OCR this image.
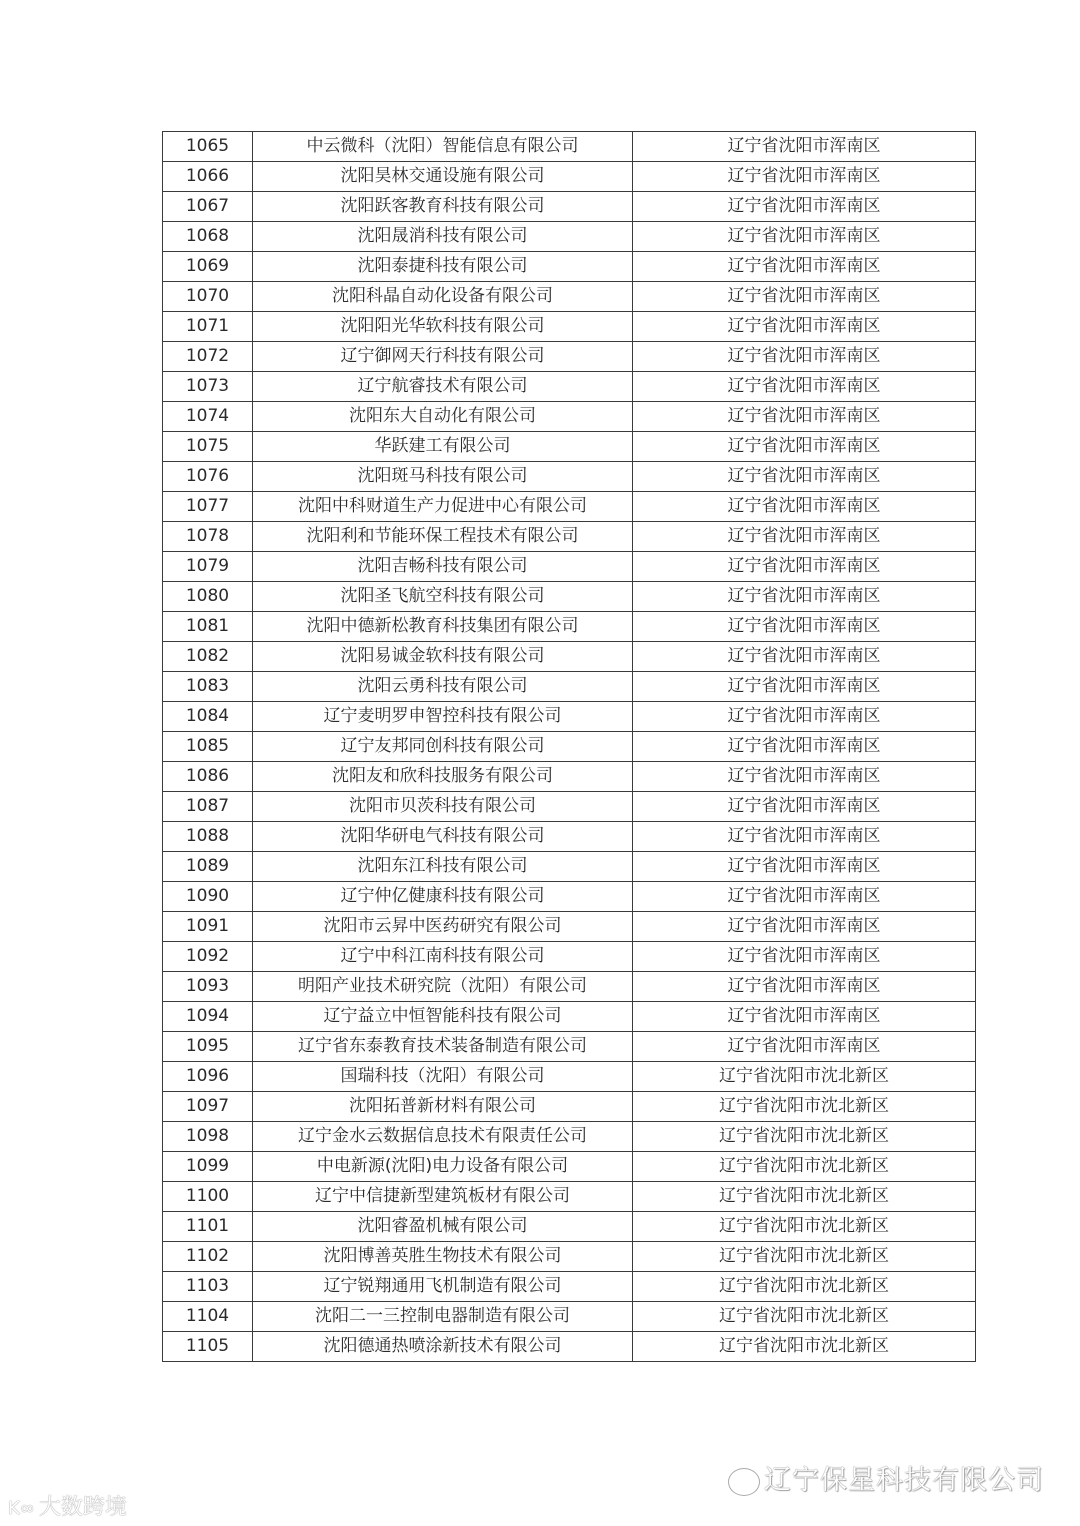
1065	中云微科（沈阳）智能信息有限公司	辽宁省沈阳市浑南区
1066	沈阳昊林交通设施有限公司	辽宁省沈阳市浑南区
1067	沈阳跃客教育科技有限公司	辽宁省沈阳市浑南区
1068	沈阳晟消科技有限公司	辽宁省沈阳市浑南区
1069	沈阳泰捷科技有限公司	辽宁省沈阳市浑南区
1070	沈阳科晶自动化设备有限公司	辽宁省沈阳市浑南区
1071	沈阳阳光华软科技有限公司	辽宁省沈阳市浑南区
1072	辽宁御网天行科技有限公司	辽宁省沈阳市浑南区
1073	辽宁航睿技术有限公司	辽宁省沈阳市浑南区
1074	沈阳东大自动化有限公司	辽宁省沈阳市浑南区
1075	华跃建工有限公司	辽宁省沈阳市浑南区
1076	沈阳斑马科技有限公司	辽宁省沈阳市浑南区
1077	沈阳中科财道生产力促进中心有限公司	辽宁省沈阳市浑南区
1078	沈阳利和节能环保工程技术有限公司	辽宁省沈阳市浑南区
1079	沈阳吉畅科技有限公司	辽宁省沈阳市浑南区
1080	沈阳圣飞航空科技有限公司	辽宁省沈阳市浑南区
1081	沈阳中德新松教育科技集团有限公司	辽宁省沈阳市浑南区
1082	沈阳易诚金软科技有限公司	辽宁省沈阳市浑南区
1083	沈阳云勇科技有限公司	辽宁省沈阳市浑南区
1084	辽宁麦明罗申智控科技有限公司	辽宁省沈阳市浑南区
1085	辽宁友邦同创科技有限公司	辽宁省沈阳市浑南区
1086	沈阳友和欣科技服务有限公司	辽宁省沈阳市浑南区
1087	沈阳市贝茨科技有限公司	辽宁省沈阳市浑南区
1088	沈阳华研电气科技有限公司	辽宁省沈阳市浑南区
1089	沈阳东江科技有限公司	辽宁省沈阳市浑南区
1090	辽宁仲亿健康科技有限公司	辽宁省沈阳市浑南区
1091	沈阳市云昇中医药研究有限公司	辽宁省沈阳市浑南区
1092	辽宁中科江南科技有限公司	辽宁省沈阳市浑南区
1093	明阳产业技术研究院（沈阳）有限公司	辽宁省沈阳市浑南区
1094	辽宁益立中恒智能科技有限公司	辽宁省沈阳市浑南区
1095	辽宁省东泰教育技术装备制造有限公司	辽宁省沈阳市浑南区
1096	国瑞科技（沈阳）有限公司	辽宁省沈阳市沈北新区
1097	沈阳拓普新材料有限公司	辽宁省沈阳市沈北新区
1098	辽宁金水云数据信息技术有限责任公司	辽宁省沈阳市沈北新区
1099	中电新源(沈阳)电力设备有限公司	辽宁省沈阳市沈北新区
1100	辽宁中信捷新型建筑板材有限公司	辽宁省沈阳市沈北新区
1101	沈阳睿盈机械有限公司	辽宁省沈阳市沈北新区
1102	沈阳博善英胜生物技术有限公司	辽宁省沈阳市沈北新区
1103	辽宁锐翔通用飞机制造有限公司	辽宁省沈阳市沈北新区
1104	沈阳二一三控制电器制造有限公司	辽宁省沈阳市沈北新区
1105	沈阳德通热喷涂新技术有限公司	辽宁省沈阳市沈北新区
辽宁保星科技有限公司
K∞ 大数跨境
